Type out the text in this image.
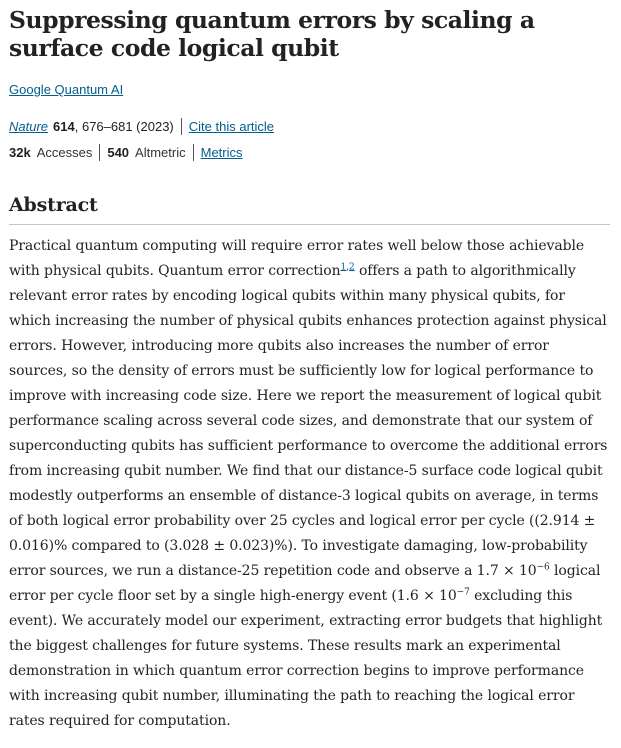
Suppressing quantum errors by scaling a surface code logical qubit
Google Quantum AI
Nature 614 , 676–681 (2023) Cite this article
32k Accesses 540 Altmetric Metrics
Abstract

Practical quantum computing will require error rates well below those achievable with physical qubits. Quantum error correction$^{1,2}$ offers a path to algorithmically relevant error rates by encoding logical qubits within many physical qubits, for which increasing the number of physical qubits enhances protection against physical errors. However, introducing more qubits also increases the number of error sources, so the density of errors must be sufficiently low for logical performance to improve with increasing code size. Here we report the measurement of logical qubit performance scaling across several code sizes, and demonstrate that our system of superconducting qubits has sufficient performance to overcome the additional errors from increasing qubit number. We find that our distance-5 surface code logical qubit modestly outperforms an ensemble of distance-3 logical qubits on average, in terms of both logical error probability over 25 cycles and logical error per cycle ((2.914 ± 0.016)% compared to (3.028 ± 0.023)%). To investigate damaging, low-probability error sources, we run a distance-25 repetition code and observe a $1.7 \times 10^{-6}$ logical error per cycle floor set by a single high-energy event ($1.6 \times 10^{-7}$ excluding this event). We accurately model our experiment, extracting error budgets that highlight the biggest challenges for future systems. These results mark an experimental demonstration in which quantum error correction begins to improve performance with increasing qubit number, illuminating the path to reaching the logical error rates required for computation.
